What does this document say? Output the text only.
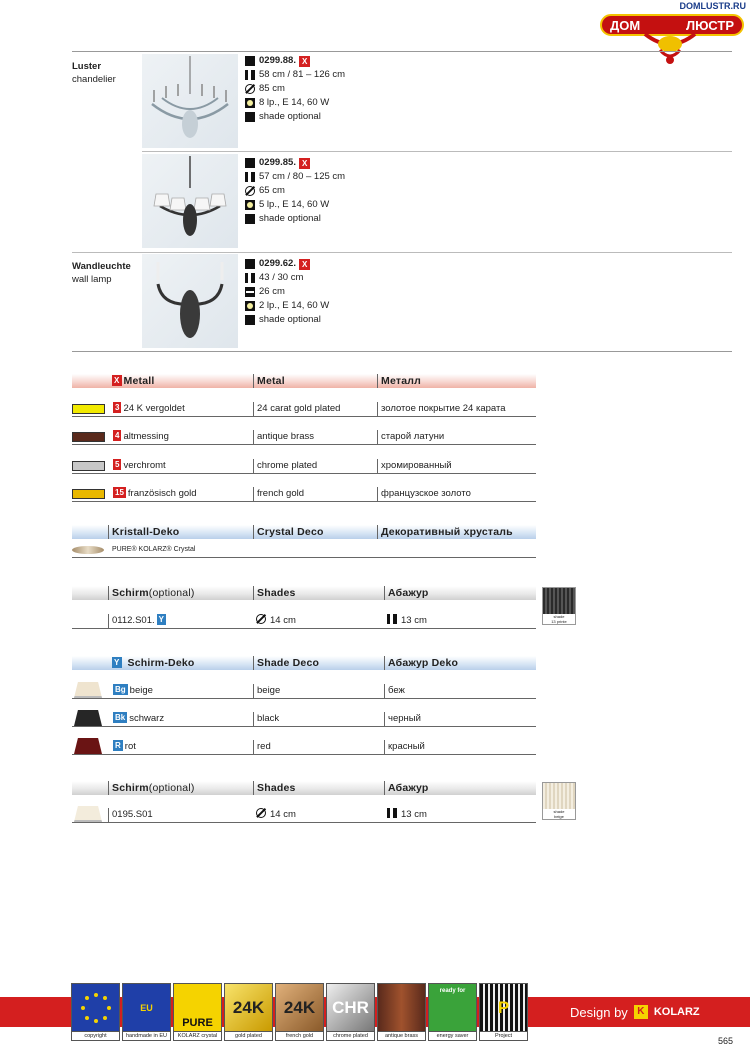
DOMLUSTR.RU
ДОМ	ЛЮСТР
Luster
chandelier
0299.88. X
58 cm / 81 – 126 cm
85 cm
8 lp., E 14, 60 W
shade optional
0299.85. X
57 cm / 80 – 125 cm
65 cm
5 lp., E 14, 60 W
shade optional
Wandleuchte
wall lamp
0299.62. X
43 / 30 cm
26 cm
2 lp., E 14, 60 W
shade optional
X Metall	Metal	Металл
3 24 K vergoldet	24 carat gold plated	золотое покрытие 24 карата
4 altmessing	antique brass	старой латуни
5 verchromt	chrome plated	хромированный
15 französisch gold	french gold	французское золото
Kristall-Deko	Crystal Deco	Декоративный хрусталь
PURE® KOLARZ® Crystal
Schirm(optional)	Shades	Абажур
0112.S01. Y	14 cm	13 cm	shade
13 printe
Y Schirm-Deko	Shade Deco	Абажур Deko
Bg beige	beige	беж
Bk schwarz	black	черный
R rot	red	красный
Schirm(optional)	Shades	Абажур
0195.S01	14 cm	13 cm	shade
beige
copyright
EU
handmade in EU
PURE
KOLARZ crystal
24K
gold plated
24K
french gold
CHR
chrome plated	antique brass
ready for
energy saver
P
Project
Design by K KOLARZ
565
